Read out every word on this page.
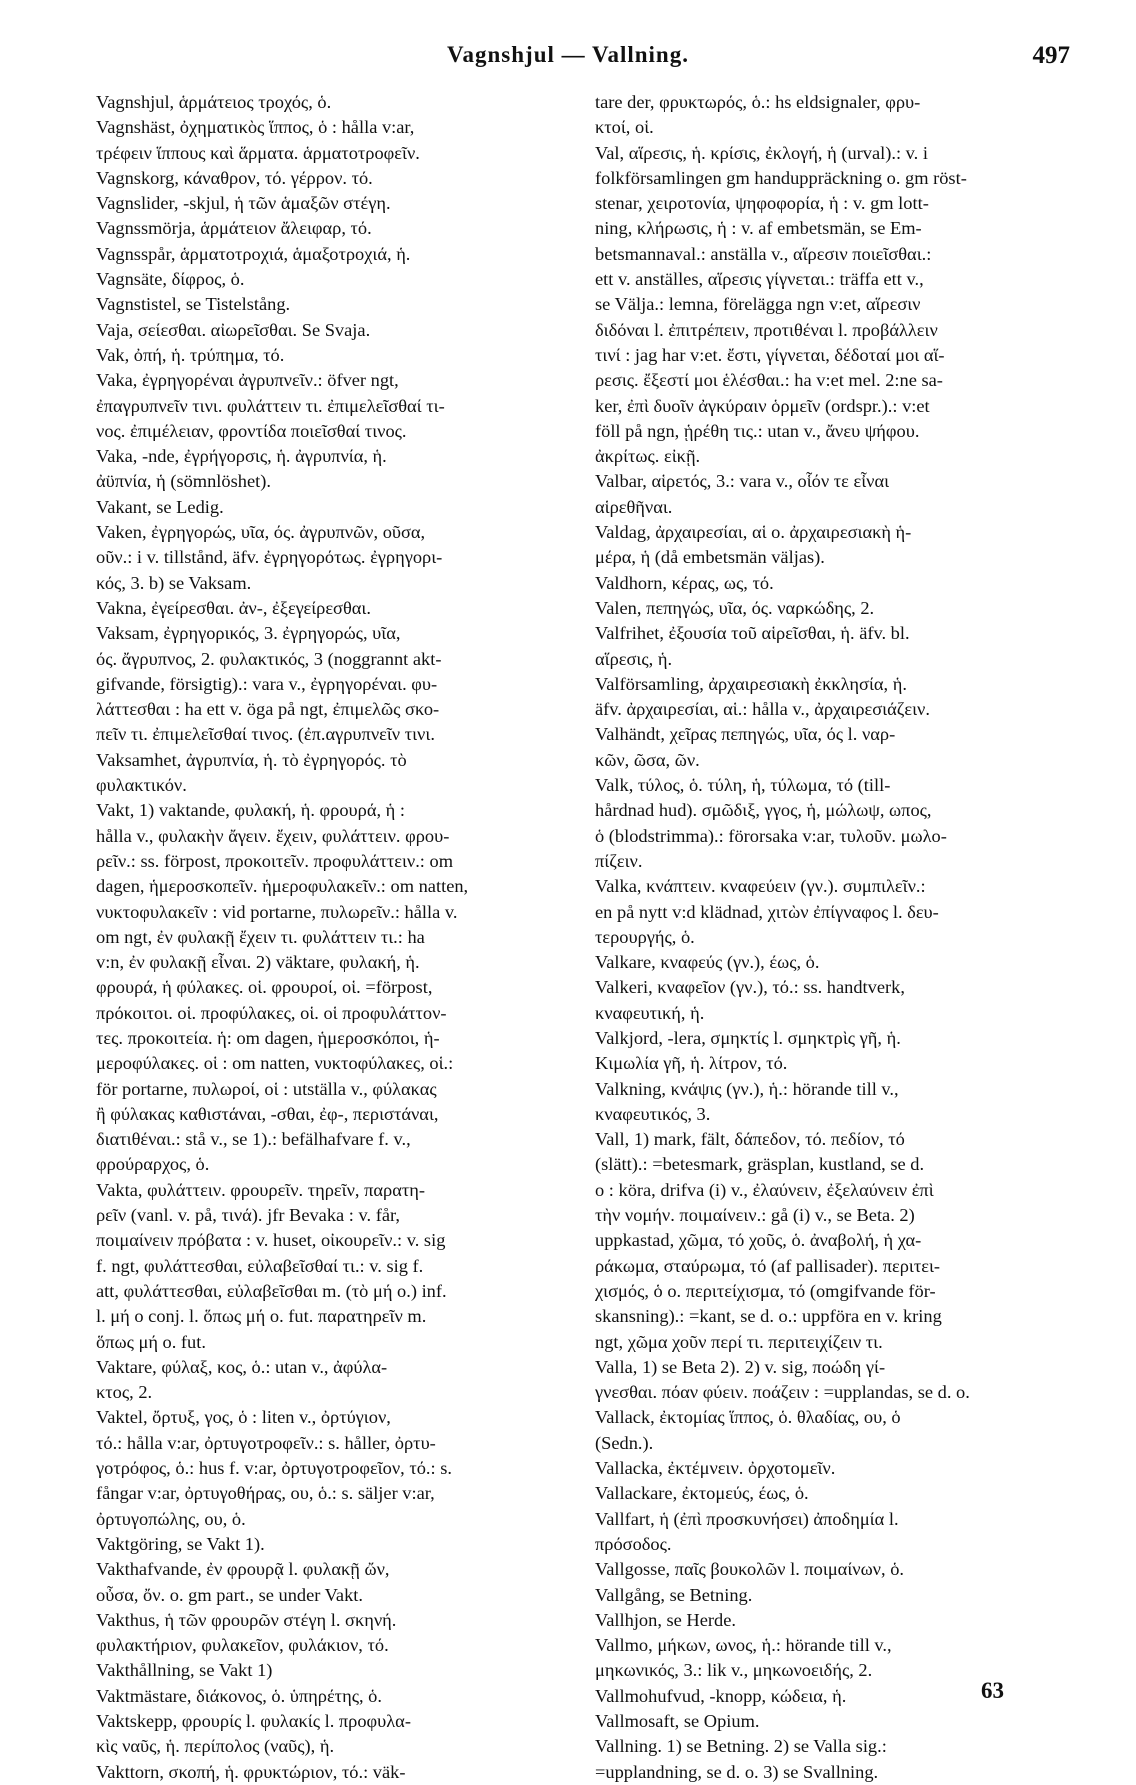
Vagnshjul — Vallning.	497
Vagnshjul, ἁρμάτειος τροχός, ὁ.
Vagnshäst, ὀχηματικὸς ἵππος, ὁ : hålla v:ar,
τρέφειν ἵππους καὶ ἅρματα. ἁρματοτροφεῖν.
Vagnskorg, κάναθρον, τό. γέρρον. τό.
Vagnslider, -skjul, ἡ τῶν ἁμαξῶν στέγη.
Vagnssmörja, ἁρμάτειον ἄλειφαρ, τό.
Vagnsspår, ἁρματοτροχιά, ἁμαξοτροχιά, ἡ.
Vagnsäte, δίφρος, ὁ.
Vagnstistel, se Tistelstång.
Vaja, σείεσθαι. αἰωρεῖσθαι. Se Svaja.
Vak, ὀπή, ἡ. τρύπημα, τό.
Vaka, ἐγρηγορέναι ἀγρυπνεῖν.: öfver ngt,
ἐπαγρυπνεῖν τινι. φυλάττειν τι. ἐπιμελεῖσθαί τι-
νος. ἐπιμέλειαν, φροντίδα ποιεῖσθαί τινος.
Vaka, -nde, ἐγρήγορσις, ἡ. ἀγρυπνία, ἡ.
ἀϋπνία, ἡ (sömnlöshet).
Vakant, se Ledig.
Vaken, ἐγρηγορώς, υῖα, ός. ἀγρυπνῶν, οῦσα,
οῦν.: i v. tillstånd, äfv. ἐγρηγορότως. ἐγρηγορι-
κός, 3. b) se Vaksam.
Vakna, ἐγείρεσθαι. ἀν-, ἐξεγείρεσθαι.
Vaksam, ἐγρηγορικός, 3. ἐγρηγορώς, υῖα,
ός. ἄγρυπνος, 2. φυλακτικός, 3 (noggrannt akt-
gifvande, försigtig).: vara v., ἐγρηγορέναι. φυ-
λάττεσθαι : ha ett v. öga på ngt, ἐπιμελῶς σκο-
πεῖν τι. ἐπιμελεῖσθαί τινος. (ἐπ.αγρυπνεῖν τινι.
Vaksamhet, ἀγρυπνία, ἡ. τὸ ἐγρηγορός. τὸ
φυλακτικόν.
Vakt, 1) vaktande, φυλακή, ἡ. φρουρά, ἡ :
hålla v., φυλακὴν ἄγειν. ἔχειν, φυλάττειν. φρου-
ρεῖν.: ss. förpost, προκοιτεῖν. προφυλάττειν.: om
dagen, ἡμεροσκοπεῖν. ἡμεροφυλακεῖν.: om natten,
νυκτοφυλακεῖν : vid portarne, πυλωρεῖν.: hålla v.
om ngt, ἐν φυλακῇ ἔχειν τι. φυλάττειν τι.: ha
v:n, ἐν φυλακῇ εἶναι. 2) väktare, φυλακή, ἡ.
φρουρά, ἡ φύλακες. οἱ. φρουροί, οἱ. =förpost,
πρόκοιτοι. οἱ. προφύλακες, οἱ. οἱ προφυλάττον-
τες. προκοιτεία. ἡ: om dagen, ἡμεροσκόποι, ἡ-
μεροφύλακες. οἱ : om natten, νυκτοφύλακες, οἱ.:
för portarne, πυλωροί, οἱ : utställa v., φύλακας
ἢ φύλακας καθιστάναι, -σθαι, ἐφ-, περιστάναι,
διατιθέναι.: stå v., se 1).: befälhafvare f. v.,
φρούραρχος, ὁ.
Vakta, φυλάττειν. φρουρεῖν. τηρεῖν, παρατη-
ρεῖν (vanl. v. på, τινά). jfr Bevaka : v. får,
ποιμαίνειν πρόβατα : v. huset, οἰκουρεῖν.: v. sig
f. ngt, φυλάττεσθαι, εὐλαβεῖσθαί τι.: v. sig f.
att, φυλάττεσθαι, εὐλαβεῖσθαι m. (τὸ μή o.) inf.
l. μή o conj. l. ὅπως μή o. fut. παρατηρεῖν m.
ὅπως μή o. fut.
Vaktare, φύλαξ, κος, ὁ.: utan v., ἀφύλα-
κτος, 2.
Vaktel, ὄρτυξ, γος, ὁ : liten v., ὀρτύγιον,
τό.: hålla v:ar, ὀρτυγοτροφεῖν.: s. håller, ὀρτυ-
γοτρόφος, ὁ.: hus f. v:ar, ὀρτυγοτροφεῖον, τό.: s.
fångar v:ar, ὀρτυγοθήρας, ου, ὁ.: s. säljer v:ar,
ὀρτυγοπώλης, ου, ὁ.
Vaktgöring, se Vakt 1).
Vakthafvande, ἐν φρουρᾷ l. φυλακῇ ὤν,
οὖσα, ὄν. o. gm part., se under Vakt.
Vakthus, ἡ τῶν φρουρῶν στέγη l. σκηνή.
φυλακτήριον, φυλακεῖον, φυλάκιον, τό.
Vakthållning, se Vakt 1)
Vaktmästare, διάκονος, ὁ. ὑπηρέτης, ὁ.
Vaktskepp, φρουρίς l. φυλακίς l. προφυλα-
κὶς ναῦς, ἡ. περίπολος (ναῦς), ἡ.
Vakttorn, σκοπή, ἡ. φρυκτώριον, τό.: väk-
tare der, φρυκτωρός, ὁ.: hs eldsignaler, φρυ-
κτοί, οἱ.
Val, αἵρεσις, ἡ. κρίσις, ἐκλογή, ἡ (urval).: v. i
folkförsamlingen gm handuppräckning o. gm röst-
stenar, χειροτονία, ψηφοφορία, ἡ : v. gm lott-
ning, κλήρωσις, ἡ : v. af embetsmän, se Em-
betsmannaval.: anställa v., αἵρεσιν ποιεῖσθαι.:
ett v. anställes, αἵρεσις γίγνεται.: träffa ett v.,
se Välja.: lemna, förelägga ngn v:et, αἵρεσιν
διδόναι l. ἐπιτρέπειν, προτιθέναι l. προβάλλειν
τινί : jag har v:et. ἔστι, γίγνεται, δέδοταί μοι αἵ-
ρεσις. ἔξεστί μοι ἑλέσθαι.: ha v:et mel. 2:ne sa-
ker, ἐπὶ δυοῖν ἀγκύραιν ὁρμεῖν (ordspr.).: v:et
föll på ngn, ᾑρέθη τις.: utan v., ἄνευ ψήφου.
ἀκρίτως. εἰκῇ.
Valbar, αἱρετός, 3.: vara v., οἷόν τε εἶναι
αἱρεθῆναι.
Valdag, ἀρχαιρεσίαι, αἱ o. ἀρχαιρεσιακὴ ἡ-
μέρα, ἡ (då embetsmän väljas).
Valdhorn, κέρας, ως, τό.
Valen, πεπηγώς, υῖα, ός. ναρκώδης, 2.
Valfrihet, ἐξουσία τοῦ αἱρεῖσθαι, ἡ. äfv. bl.
αἵρεσις, ἡ.
Valförsamling, ἀρχαιρεσιακὴ ἐκκλησία, ἡ.
äfv. ἀρχαιρεσίαι, αἱ.: hålla v., ἀρχαιρεσιάζειν.
Valhändt, χεῖρας πεπηγώς, υῖα, ός l. ναρ-
κῶν, ῶσα, ῶν.
Valk, τύλος, ὁ. τύλη, ἡ, τύλωμα, τό (till-
hårdnad hud). σμῶδιξ, γγος, ἡ, μώλωψ, ωπος,
ὁ (blodstrimma).: förorsaka v:ar, τυλοῦν. μωλο-
πίζειν.
Valka, κνάπτειν. κναφεύειν (γν.). συμπιλεῖν.:
en på nytt v:d klädnad, χιτὼν ἐπίγναφος l. δευ-
τερουργής, ὁ.
Valkare, κναφεύς (γν.), έως, ὁ.
Valkeri, κναφεῖον (γν.), τό.: ss. handtverk,
κναφευτική, ἡ.
Valkjord, -lera, σμηκτίς l. σμηκτρὶς γῆ, ἡ.
Κιμωλία γῆ, ἡ. λίτρον, τό.
Valkning, κνάψις (γν.), ἡ.: hörande till v.,
κναφευτικός, 3.
Vall, 1) mark, fält, δάπεδον, τό. πεδίον, τό
(slätt).: =betesmark, gräsplan, kustland, se d.
o : köra, drifva (i) v., ἐλαύνειν, ἐξελαύνειν ἐπὶ
τὴν νομήν. ποιμαίνειν.: gå (i) v., se Beta. 2)
uppkastad, χῶμα, τό χοῦς, ὁ. ἀναβολή, ἡ χα-
ράκωμα, σταύρωμα, τό (af pallisader). περιτει-
χισμός, ὁ o. περιτείχισμα, τό (omgifvande för-
skansning).: =kant, se d. o.: uppföra en v. kring
ngt, χῶμα χοῦν περί τι. περιτειχίζειν τι.
Valla, 1) se Beta 2). 2) v. sig, ποώδη γί-
γνεσθαι. πόαν φύειν. ποάζειν : =upplandas, se d. o.
Vallack, ἐκτομίας ἵππος, ὁ. θλαδίας, ου, ὁ
(Sedn.).
Vallacka, ἐκτέμνειν. ὀρχοτομεῖν.
Vallackare, ἐκτομεύς, έως, ὁ.
Vallfart, ἡ (ἐπὶ προσκυνήσει) ἀποδημία l.
πρόσοδος.
Vallgosse, παῖς βουκολῶν l. ποιμαίνων, ὁ.
Vallgång, se Betning.
Vallhjon, se Herde.
Vallmo, μήκων, ωνος, ἡ.: hörande till v.,
μηκωνικός, 3.: lik v., μηκωνοειδής, 2.
Vallmohufvud, -knopp, κώδεια, ἡ.
Vallmosaft, se Opium.
Vallning. 1) se Betning. 2) se Valla sig.:
=upplandning, se d. o. 3) se Svallning.
63
